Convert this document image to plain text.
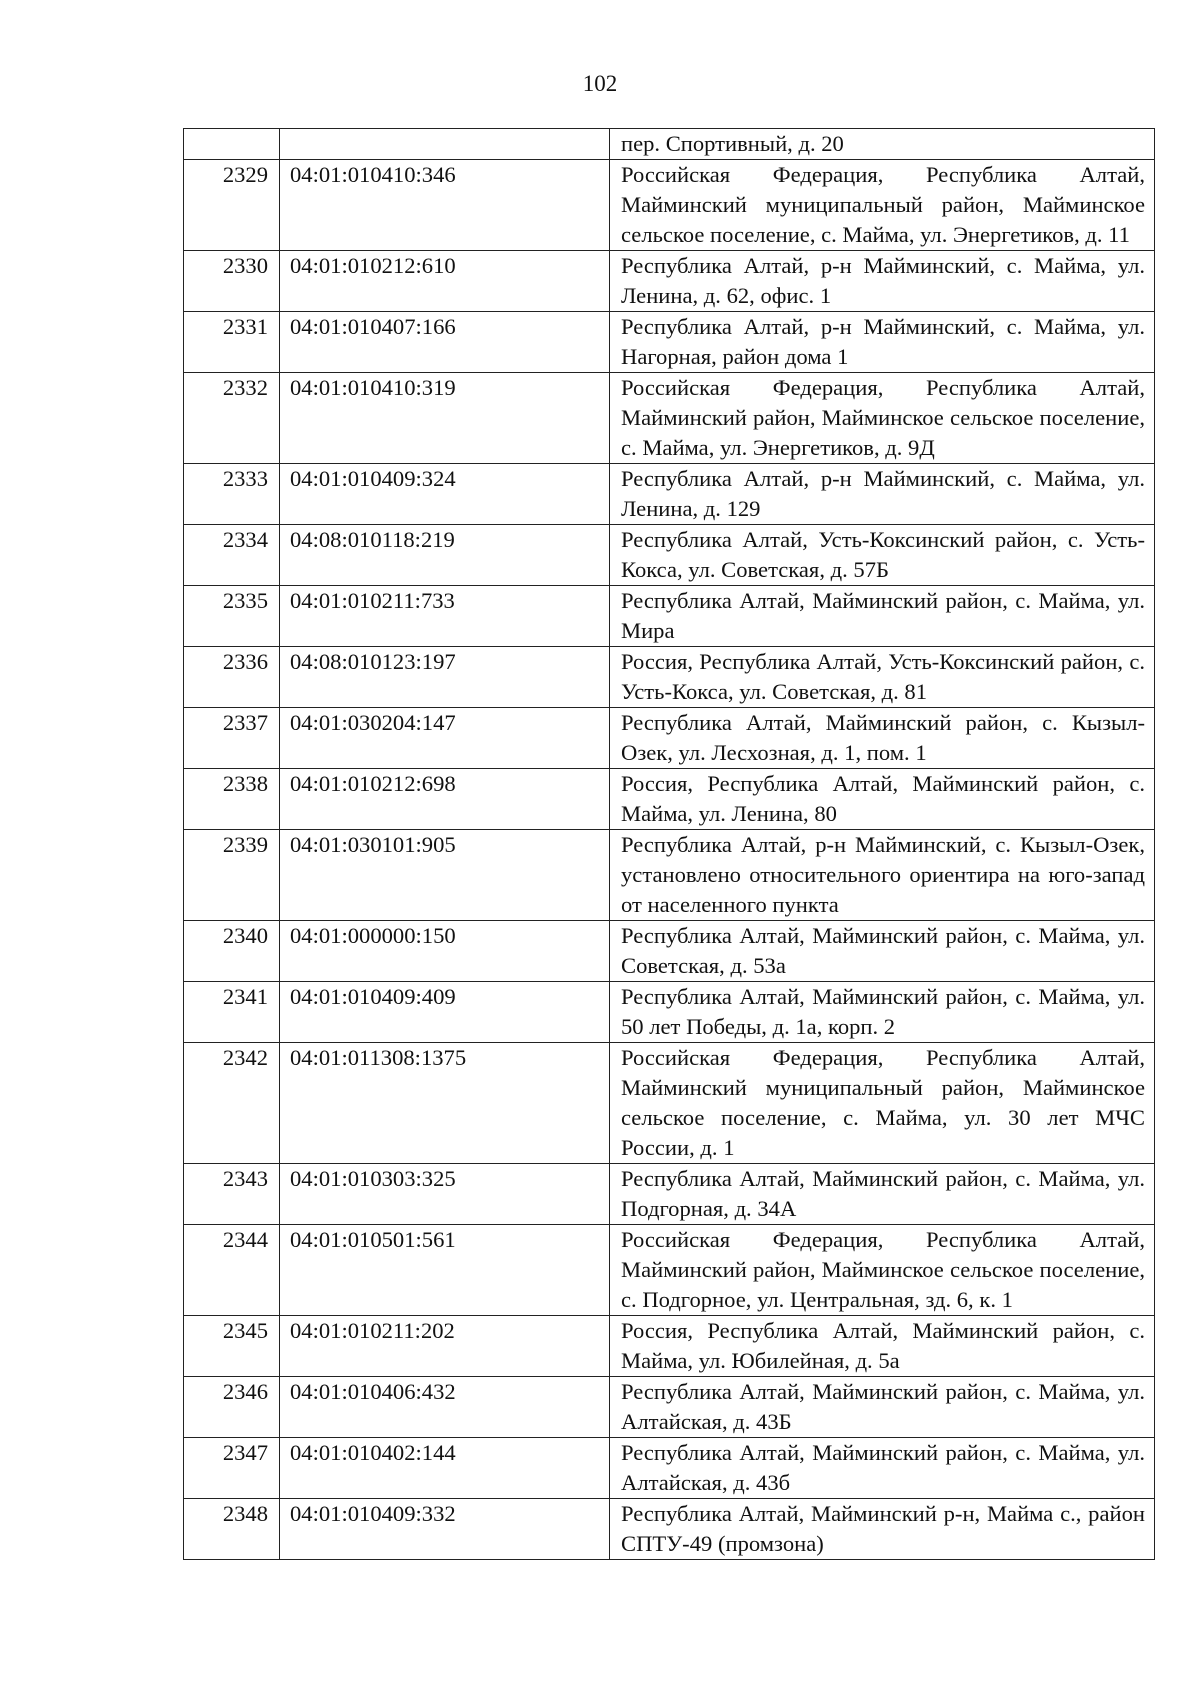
102
		пер. Спортивный, д. 20
2329	04:01:010410:346	Российская Федерация, Республика Алтай, Майминский муниципальный район, Майминское сельское поселение, с. Майма, ул. Энергетиков, д. 11
2330	04:01:010212:610	Республика Алтай, р-н Майминский, с. Майма, ул. Ленина, д. 62, офис. 1
2331	04:01:010407:166	Республика Алтай, р-н Майминский, с. Майма, ул. Нагорная, район дома 1
2332	04:01:010410:319	Российская Федерация, Республика Алтай, Майминский район, Майминское сельское поселение, с. Майма, ул. Энергетиков, д. 9Д
2333	04:01:010409:324	Республика Алтай, р-н Майминский, с. Майма, ул. Ленина, д. 129
2334	04:08:010118:219	Республика Алтай, Усть-Коксинский район, с. Усть-Кокса, ул. Советская, д. 57Б
2335	04:01:010211:733	Республика Алтай, Майминский район, с. Майма, ул. Мира
2336	04:08:010123:197	Россия, Республика Алтай, Усть-Коксинский район, с. Усть-Кокса, ул. Советская, д. 81
2337	04:01:030204:147	Республика Алтай, Майминский район, с. Кызыл-Озек, ул. Лесхозная, д. 1, пом. 1
2338	04:01:010212:698	Россия, Республика Алтай, Майминский район, с. Майма, ул. Ленина, 80
2339	04:01:030101:905	Республика Алтай, р-н Майминский, с. Кызыл-Озек, установлено относительного ориентира на юго-запад от населенного пункта
2340	04:01:000000:150	Республика Алтай, Майминский район, с. Майма, ул. Советская, д. 53а
2341	04:01:010409:409	Республика Алтай, Майминский район, с. Майма, ул. 50 лет Победы, д. 1а, корп. 2
2342	04:01:011308:1375	Российская Федерация, Республика Алтай, Майминский муниципальный район, Майминское сельское поселение, с. Майма, ул. 30 лет МЧС России, д. 1
2343	04:01:010303:325	Республика Алтай, Майминский район, с. Майма, ул. Подгорная, д. 34А
2344	04:01:010501:561	Российская Федерация, Республика Алтай, Майминский район, Майминское сельское поселение, с. Подгорное, ул. Центральная, зд. 6, к. 1
2345	04:01:010211:202	Россия, Республика Алтай, Майминский район, с. Майма, ул. Юбилейная, д. 5а
2346	04:01:010406:432	Республика Алтай, Майминский район, с. Майма, ул. Алтайская, д. 43Б
2347	04:01:010402:144	Республика Алтай, Майминский район, с. Майма, ул. Алтайская, д. 43б
2348	04:01:010409:332	Республика Алтай, Майминский р-н, Майма с., район СПТУ-49 (промзона)
